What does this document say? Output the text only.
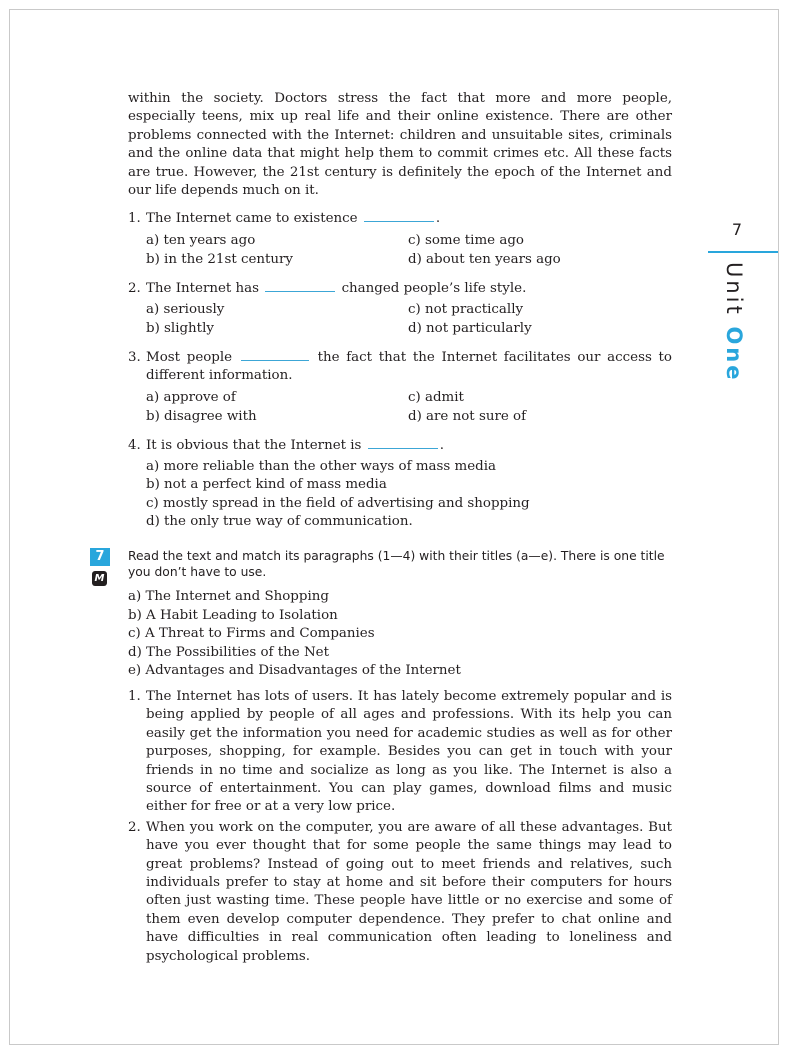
7
Unit One

within the society. Doctors stress the fact that more and more people, especially teens, mix up real life and their online existence. There are other problems connected with the Internet: children and unsuitable sites, criminals and the online data that might help them to commit crimes etc. All these facts are true. However, the 21st century is definitely the epoch of the Internet and our life depends much on it.

1. The Internet came to existence	.
a) ten years ago	c) some time ago
b) in the 21st century	d) about ten years ago
2. The Internet has	changed people’s life style.
a) seriously	c) not practically
b) slightly	d) not particularly
3. Most people	the fact that the Internet facilitates our access to different information.
a) approve of	c) admit
b) disagree with	d) are not sure of
4. It is obvious that the Internet is	.
a) more reliable than the other ways of mass media
b) not a perfect kind of mass media
c) mostly spread in the field of advertising and shopping
d) the only true way of communication.
7
M
Read the text and match its paragraphs (1—4) with their titles (a—e). There is one title you don’t have to use.
a) The Internet and Shopping
b) A Habit Leading to Isolation
c) A Threat to Firms and Companies
d) The Possibilities of the Net
e) Advantages and Disadvantages of the Internet
1. The Internet has lots of users. It has lately become extremely popular and is being applied by people of all ages and professions. With its help you can easily get the information you need for academic studies as well as for other purposes, shopping, for example. Besides you can get in touch with your friends in no time and socialize as long as you like. The Internet is also a source of entertainment. You can play games, download films and music either for free or at a very low price.
2. When you work on the computer, you are aware of all these advantages. But have you ever thought that for some people the same things may lead to great problems? Instead of going out to meet friends and relatives, such individuals prefer to stay at home and sit before their computers for hours often just wasting time. These people have little or no exercise and some of them even develop computer dependence. They prefer to chat online and have difficulties in real communication often leading to loneliness and psychological problems.
